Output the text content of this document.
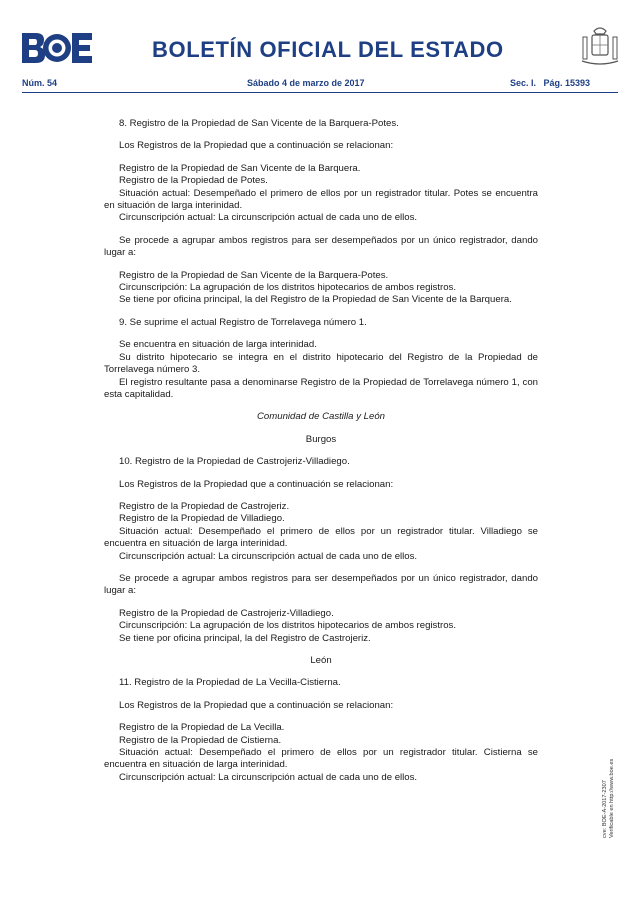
BOLETÍN OFICIAL DEL ESTADO
Núm. 54	Sábado 4 de marzo de 2017	Sec. I. Pág. 15393

8. Registro de la Propiedad de San Vicente de la Barquera-Potes.

Los Registros de la Propiedad que a continuación se relacionan:

Registro de la Propiedad de San Vicente de la Barquera.

Registro de la Propiedad de Potes.

Situación actual: Desempeñado el primero de ellos por un registrador titular. Potes se encuentra en situación de larga interinidad.

Circunscripción actual: La circunscripción actual de cada uno de ellos.

Se procede a agrupar ambos registros para ser desempeñados por un único registrador, dando lugar a:

Registro de la Propiedad de San Vicente de la Barquera-Potes.

Circunscripción: La agrupación de los distritos hipotecarios de ambos registros.

Se tiene por oficina principal, la del Registro de la Propiedad de San Vicente de la Barquera.

9. Se suprime el actual Registro de Torrelavega número 1.

Se encuentra en situación de larga interinidad.

Su distrito hipotecario se integra en el distrito hipotecario del Registro de la Propiedad de Torrelavega número 3.

El registro resultante pasa a denominarse Registro de la Propiedad de Torrelavega número 1, con esta capitalidad.

Comunidad de Castilla y León

Burgos

10. Registro de la Propiedad de Castrojeriz-Villadiego.

Los Registros de la Propiedad que a continuación se relacionan:

Registro de la Propiedad de Castrojeriz.

Registro de la Propiedad de Villadiego.

Situación actual: Desempeñado el primero de ellos por un registrador titular. Villadiego se encuentra en situación de larga interinidad.

Circunscripción actual: La circunscripción actual de cada uno de ellos.

Se procede a agrupar ambos registros para ser desempeñados por un único registrador, dando lugar a:

Registro de la Propiedad de Castrojeriz-Villadiego.

Circunscripción: La agrupación de los distritos hipotecarios de ambos registros.

Se tiene por oficina principal, la del Registro de Castrojeriz.

León

11. Registro de la Propiedad de La Vecilla-Cistierna.

Los Registros de la Propiedad que a continuación se relacionan:

Registro de la Propiedad de La Vecilla.

Registro de la Propiedad de Cistierna.

Situación actual: Desempeñado el primero de ellos por un registrador titular. Cistierna se encuentra en situación de larga interinidad.

Circunscripción actual: La circunscripción actual de cada uno de ellos.

cve: BOE-A-2017-2307 Verificable en http://www.boe.es
